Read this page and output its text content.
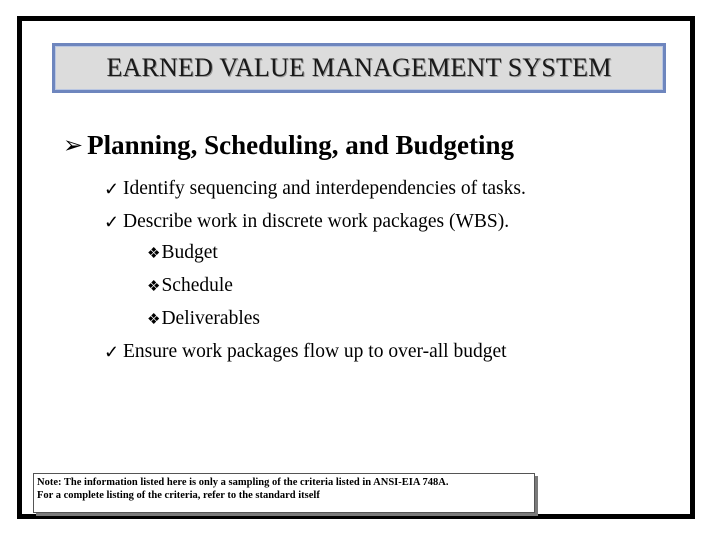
EARNED VALUE MANAGEMENT SYSTEM
➢ Planning, Scheduling, and Budgeting
✓ Identify sequencing and interdependencies of tasks.
✓ Describe work in discrete work packages (WBS).
❖ Budget
❖ Schedule
❖ Deliverables
✓ Ensure work packages flow up to over-all budget
Note: The information listed here is only a sampling of the criteria listed in ANSI-EIA 748A.
For a complete listing of the criteria, refer to the standard itself
